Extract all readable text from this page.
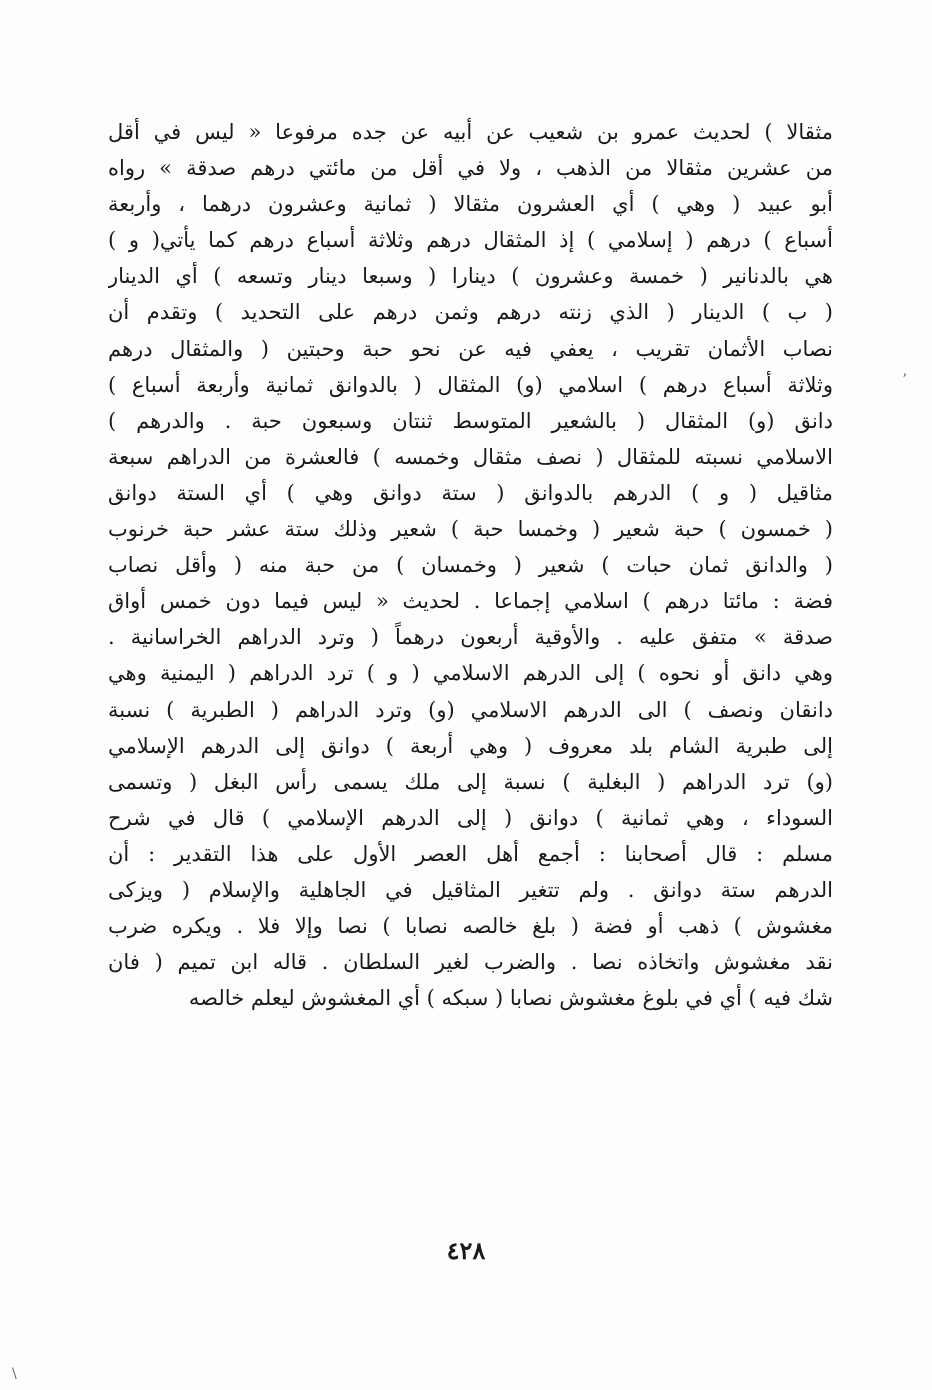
مثقالا ) لحديث عمرو بن شعيب عن أبيه عن جده مرفوعا « ليس في أقل
من عشرين مثقالا من الذهب ، ولا في أقل من مائتي درهم صدقة » رواه
أبو عبيد ( وهي ) أي العشرون مثقالا ( ثمانية وعشرون درهما ، وأربعة
أسباع ) درهم ( إسلامي ) إذ المثقال درهم وثلاثة أسباع درهم كما يأتي( و )
هي بالدنانير ( خمسة وعشرون ) دينارا ( وسبعا دينار وتسعه ) أي الدينار
( ب ) الدينار ( الذي زنته درهم وثمن درهم على التحديد ) وتقدم أن
نصاب الأثمان تقريب ، يعفي فيه عن نحو حبة وحبتين ( والمثقال درهم
وثلاثة أسباع درهم ) اسلامي (و) المثقال ( بالدوانق ثمانية وأربعة أسباع )
دانق (و) المثقال ( بالشعير المتوسط ثنتان وسبعون حبة . والدرهم )
الاسلامي نسبته للمثقال ( نصف مثقال وخمسه ) فالعشرة من الدراهم سبعة
مثاقيل ( و ) الدرهم بالدوانق ( ستة دوانق وهي ) أي الستة دوانق
( خمسون ) حبة شعير ( وخمسا حبة ) شعير وذلك ستة عشر حبة خرنوب
( والدانق ثمان حبات ) شعير ( وخمسان ) من حبة منه ( وأقل نصاب
فضة : مائتا درهم ) اسلامي إجماعا . لحديث « ليس فيما دون خمس أواق
صدقة » متفق عليه . والأوقية أربعون درهماً ( وترد الدراهم الخراسانية .
وهي دانق أو نحوه ) إلى الدرهم الاسلامي ( و ) ترد الدراهم ( اليمنية وهي
دانقان ونصف ) الى الدرهم الاسلامي (و) وترد الدراهم ( الطبرية ) نسبة
إلى طبرية الشام بلد معروف ( وهي أربعة ) دوانق إلى الدرهم الإسلامي
(و) ترد الدراهم ( البغلية ) نسبة إلى ملك يسمى رأس البغل ( وتسمى
السوداء ، وهي ثمانية ) دوانق ( إلى الدرهم الإسلامي ) قال في شرح
مسلم : قال أصحابنا : أجمع أهل العصر الأول على هذا التقدير : أن
الدرهم ستة دوانق . ولم تتغير المثاقيل في الجاهلية والإسلام ( ويزكى
مغشوش ) ذهب أو فضة ( بلغ خالصه نصابا ) نصا وإلا فلا . ويكره ضرب
نقد مغشوش واتخاذه نصا . والضرب لغير السلطان . قاله ابن تميم ( فان
شك فيه ) أي في بلوغ مغشوش نصابا ( سبكه ) أي المغشوش ليعلم خالصه
ʼ
٤٢٨
\
